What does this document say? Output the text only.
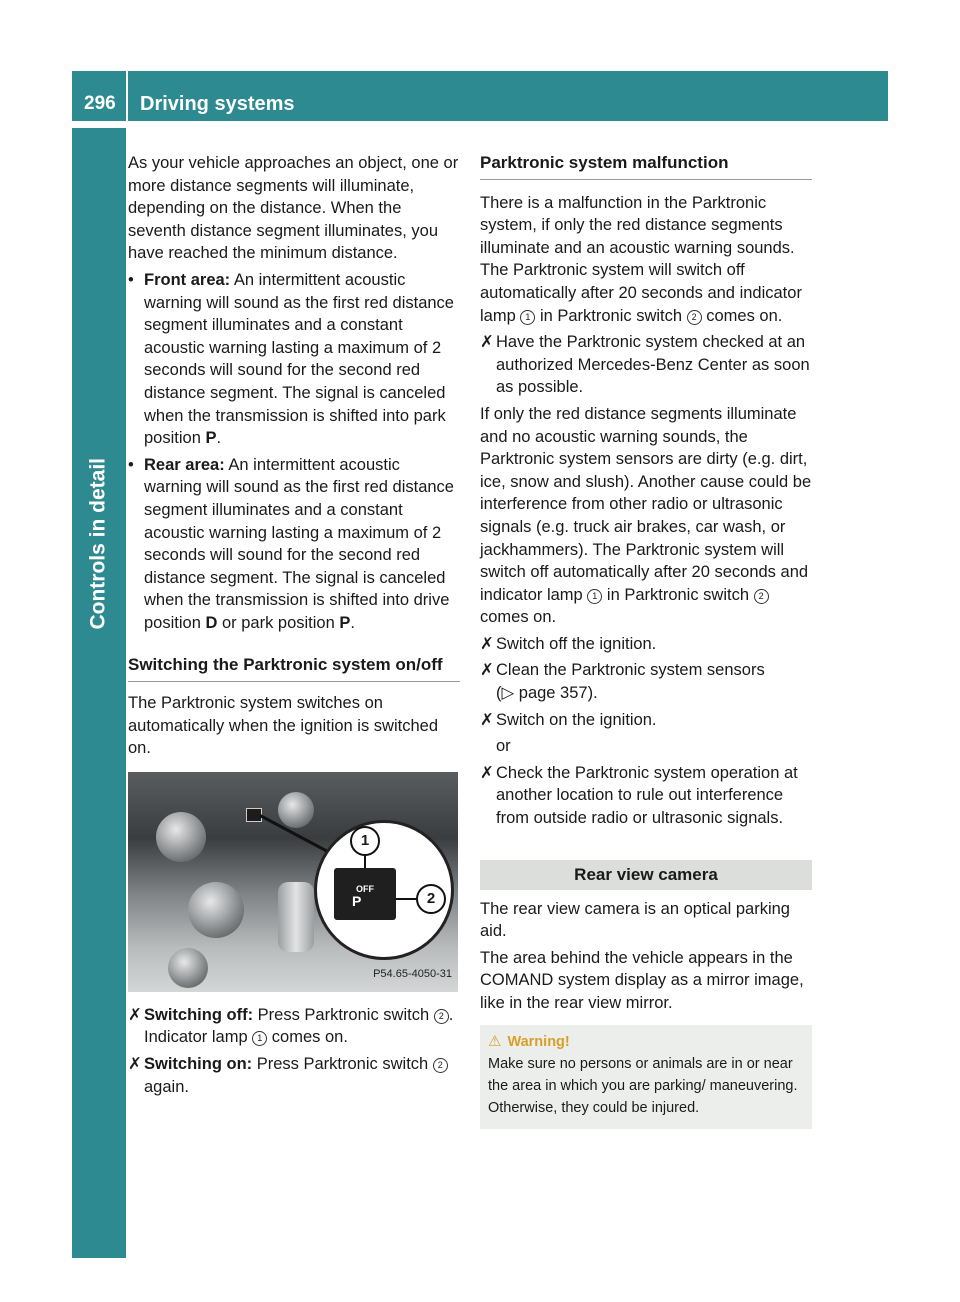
296	Driving systems
Controls in detail

As your vehicle approaches an object, one or more distance segments will illuminate, depending on the distance. When the seventh distance segment illuminates, you have reached the minimum distance.

• Front area: An intermittent acoustic warning will sound as the first red distance segment illuminates and a constant acoustic warning lasting a maximum of 2 seconds will sound for the second red distance segment. The signal is canceled when the transmission is shifted into park position P.
• Rear area: An intermittent acoustic warning will sound as the first red distance segment illuminates and a constant acoustic warning lasting a maximum of 2 seconds will sound for the second red distance segment. The signal is canceled when the transmission is shifted into drive position D or park position P.
Switching the Parktronic system on/off

The Parktronic system switches on automatically when the ignition is switched on.

OFF
P
1
2
P54.65-4050-31
✗ Switching off: Press Parktronic switch 2 .
Indicator lamp 1 comes on.
✗ Switching on: Press Parktronic switch 2
again.
Parktronic system malfunction

There is a malfunction in the Parktronic system, if only the red distance segments illuminate and an acoustic warning sounds. The Parktronic system will switch off automatically after 20 seconds and indicator lamp 1 in Parktronic switch 2 comes on.

✗ Have the Parktronic system checked at an authorized Mercedes-Benz Center as soon as possible.

If only the red distance segments illuminate and no acoustic warning sounds, the Parktronic system sensors are dirty (e.g. dirt, ice, snow and slush). Another cause could be interference from other radio or ultrasonic signals (e.g. truck air brakes, car wash, or jackhammers). The Parktronic system will switch off automatically after 20 seconds and indicator lamp 1 in Parktronic switch 2
comes on.

✗ Switch off the ignition.
✗ Clean the Parktronic system sensors
(▷ page 357).
✗ Switch on the ignition.

or

✗ Check the Parktronic system operation at another location to rule out interference from outside radio or ultrasonic signals.
Rear view camera

The rear view camera is an optical parking aid.

The area behind the vehicle appears in the COMAND system display as a mirror image, like in the rear view mirror.

⚠ Warning!

Make sure no persons or animals are in or near the area in which you are parking/ maneuvering. Otherwise, they could be injured.
